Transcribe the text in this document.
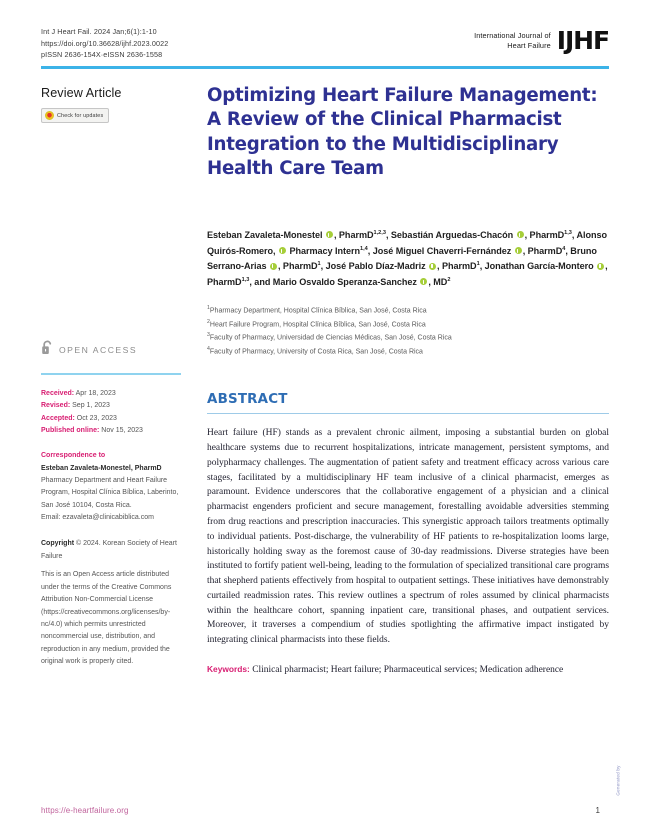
Int J Heart Fail. 2024 Jan;6(1):1-10
https://doi.org/10.36628/ijhf.2023.0022
pISSN 2636-154X·eISSN 2636-1558
International Journal of
Heart Failure IJHF
Review Article
Check for updates
OPEN ACCESS
Received: Apr 18, 2023
Revised: Sep 1, 2023
Accepted: Oct 23, 2023
Published online: Nov 15, 2023
Correspondence to
Esteban Zavaleta-Monestel, PharmD
Pharmacy Department and Heart Failure Program, Hospital Clínica Bíblica, Laberinto, San José 10104, Costa Rica.
Email: ezavaleta@clinicabiblica.com

Copyright © 2024. Korean Society of Heart Failure

This is an Open Access article distributed under the terms of the Creative Commons Attribution Non-Commercial License (https://creativecommons.org/licenses/by-nc/4.0) which permits unrestricted noncommercial use, distribution, and reproduction in any medium, provided the original work is properly cited.

Optimizing Heart Failure Management: A Review of the Clinical Pharmacist Integration to the Multidisciplinary Health Care Team
Esteban Zavaleta-Monestel , PharmD$^{1,2,3}$, Sebastián Arguedas-Chacón , PharmD$^{1,3}$, Alonso Quirós-Romero,  Pharmacy Intern$^{1,4}$, José Miguel Chaverri-Fernández , PharmD$^4$, Bruno Serrano-Arias , PharmD$^1$, José Pablo Díaz-Madriz , PharmD$^1$, Jonathan García-Montero , PharmD$^{1,3}$, and Mario Osvaldo Speranza-Sanchez , $MD^2$
$^1$Pharmacy Department, Hospital Clínica Bíblica, San José, Costa Rica
$^2$Heart Failure Program, Hospital Clínica Bíblica, San José, Costa Rica
$^3$Faculty of Pharmacy, Universidad de Ciencias Médicas, San José, Costa Rica
$^4$Faculty of Pharmacy, University of Costa Rica, San José, Costa Rica
ABSTRACT
Heart failure (HF) stands as a prevalent chronic ailment, imposing a substantial burden on global healthcare systems due to recurrent hospitalizations, intricate management, persistent symptoms, and polypharmacy challenges. The augmentation of patient safety and treatment efficacy across various care stages, facilitated by a multidisciplinary HF team inclusive of a clinical pharmacist, emerges as paramount. Evidence underscores that the collaborative engagement of a physician and a clinical pharmacist engenders proficient and secure management, forestalling avoidable adversities stemming from drug reactions and prescription inaccuracies. This synergistic approach tailors treatments optimally to individual patients. Post-discharge, the vulnerability of HF patients to re-hospitalization looms large, historically holding sway as the foremost cause of 30-day readmissions. Diverse strategies have been instituted to fortify patient well-being, leading to the formulation of specialized transitional care programs that shepherd patients effectively from hospital to outpatient settings. These initiatives have demonstrably curtailed readmission rates. This review outlines a spectrum of roles assumed by clinical pharmacists within the healthcare cohort, spanning inpatient care, transitional phases, and outpatient services. Moreover, it traverses a compendium of studies spotlighting the affirmative impact instigated by integrating clinical pharmacists into these fields.
Keywords: Clinical pharmacist; Heart failure; Pharmaceutical services; Medication adherence
https://e-heartfailure.org	1
Generated by
